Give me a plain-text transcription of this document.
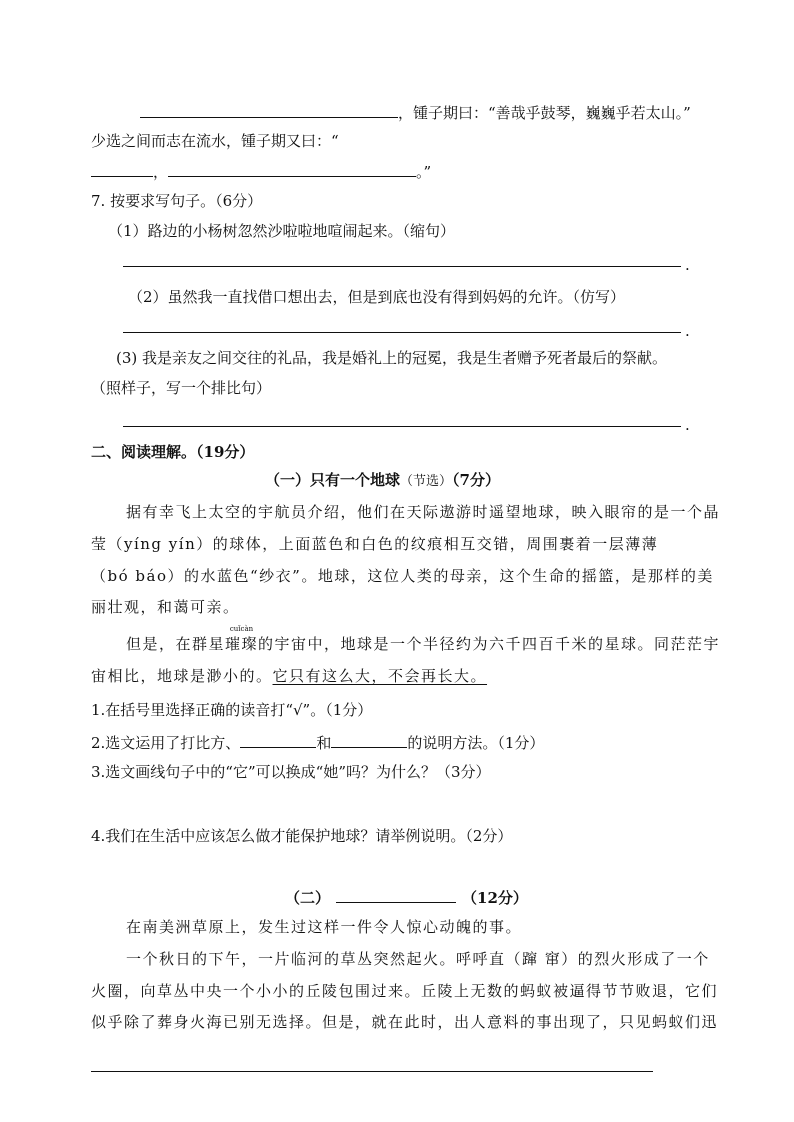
，锺子期曰：“善哉乎鼓琴，巍巍乎若太山。”
少选之间而志在流水，锺子期又曰：“
，	。”
7. 按要求写句子。（6分）
（1）路边的小杨树忽然沙啦啦地喧闹起来。（缩句）
.
（2）虽然我一直找借口想出去，但是到底也没有得到妈妈的允许。（仿写）
.
(3) 我是亲友之间交往的礼品，我是婚礼上的冠冕，我是生者赠予死者最后的祭献。
（照样子，写一个排比句）
.
二、阅读理解。（19分）
（一）只有一个地球（节选）（7分）
据有幸飞上太空的宇航员介绍，他们在天际遨游时遥望地球，映入眼帘的是一个晶
莹（yíng yín）的球体，上面蓝色和白色的纹痕相互交错，周围裹着一层薄薄
（bó báo）的水蓝色“纱衣”。地球，这位人类的母亲，这个生命的摇篮，是那样的美
丽壮观，和蔼可亲。
但是，在群星璀璨
cuǐcàn
的宇宙中，地球是一个半径约为六千四百千米的星球。同茫茫宇
宙相比，地球是渺小的。它只有这么大，不会再长大。
1.在括号里选择正确的读音打“√”。（1分）
2.选文运用了打比方、	和	的说明方法。（1分）
3.选文画线句子中的“它”可以换成“她”吗？为什么？（3分）
4.我们在生活中应该怎么做才能保护地球？请举例说明。（2分）
（二）	（12分）
在南美洲草原上，发生过这样一件令人惊心动魄的事。
一个秋日的下午，一片临河的草丛突然起火。呼呼直（蹿 窜）的烈火形成了一个
火圈，向草丛中央一个小小的丘陵包围过来。丘陵上无数的蚂蚁被逼得节节败退，它们
似乎除了葬身火海已别无选择。但是，就在此时，出人意料的事出现了，只见蚂蚁们迅
